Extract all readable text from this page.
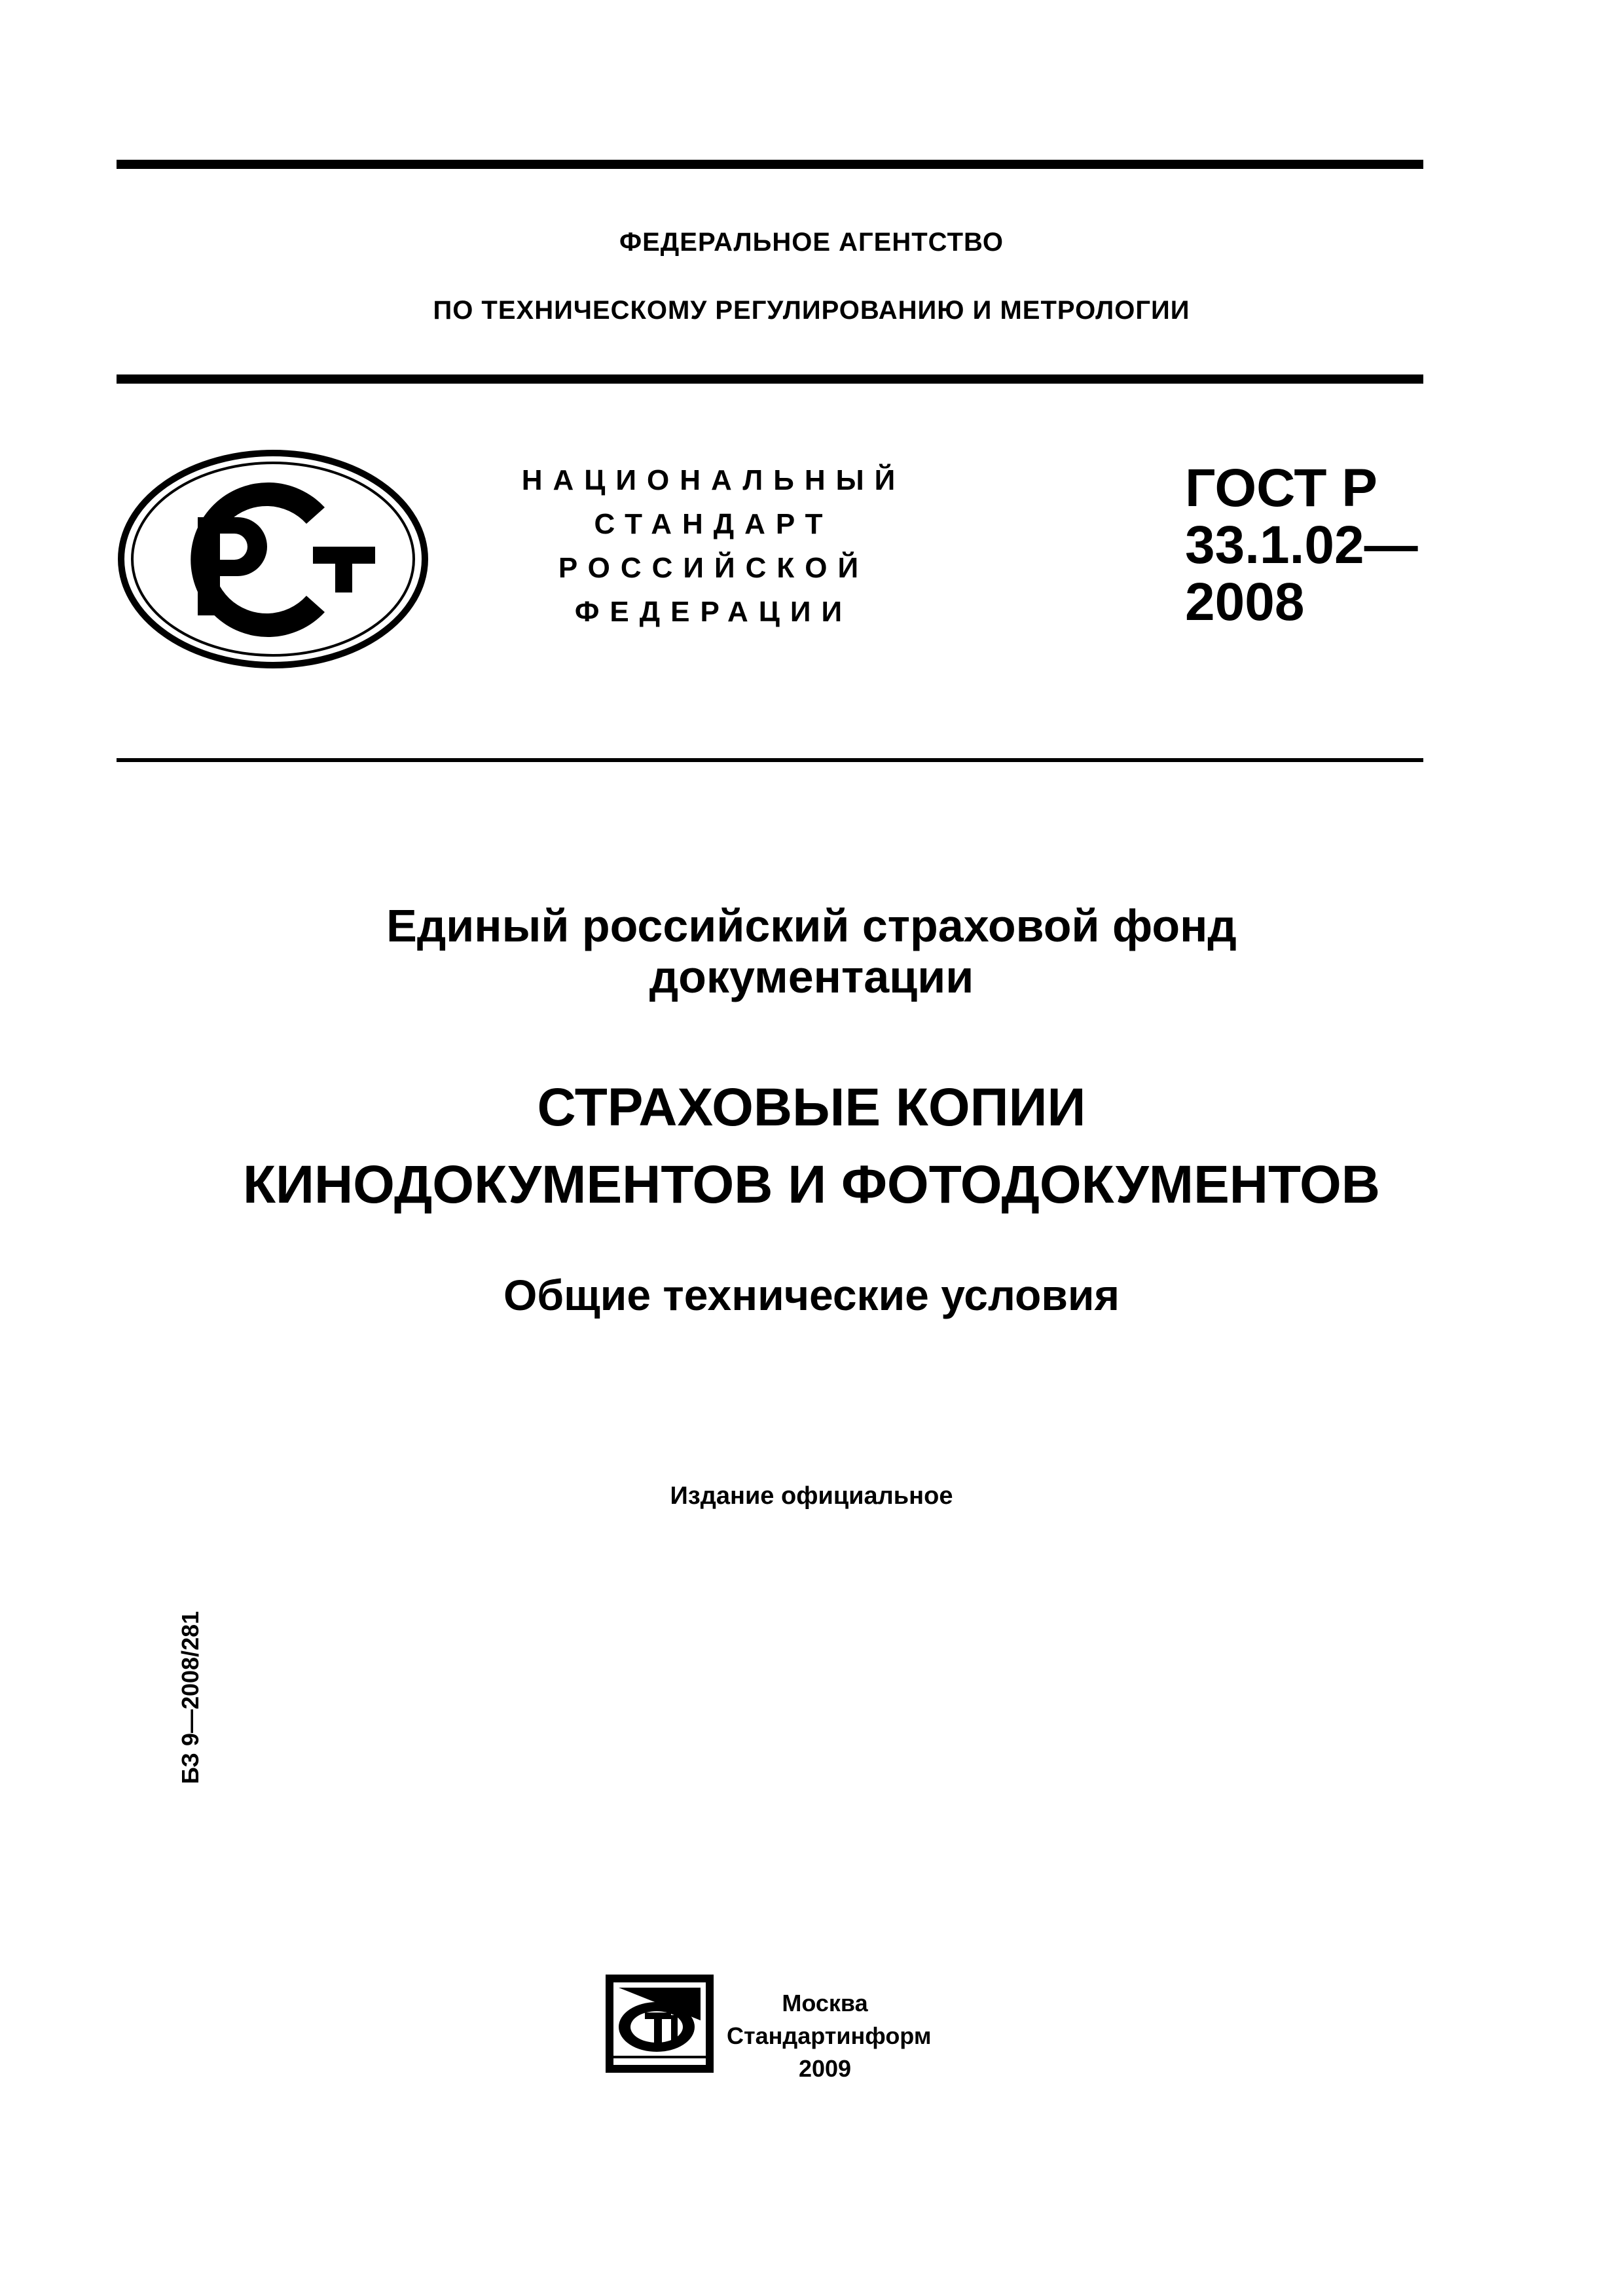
ФЕДЕРАЛЬНОЕ АГЕНТСТВО
ПО ТЕХНИЧЕСКОМУ РЕГУЛИРОВАНИЮ И МЕТРОЛОГИИ
НАЦИОНАЛЬНЫЙ
СТАНДАРТ
РОССИЙСКОЙ
ФЕДЕРАЦИИ
ГОСТ Р
33.1.02—
2008
Единый российский страховой фонд
документации
СТРАХОВЫЕ КОПИИ
КИНОДОКУМЕНТОВ И ФОТОДОКУМЕНТОВ
Общие технические условия
Издание официальное
БЗ 9—2008/281
Москва
Стандартинформ
2009
